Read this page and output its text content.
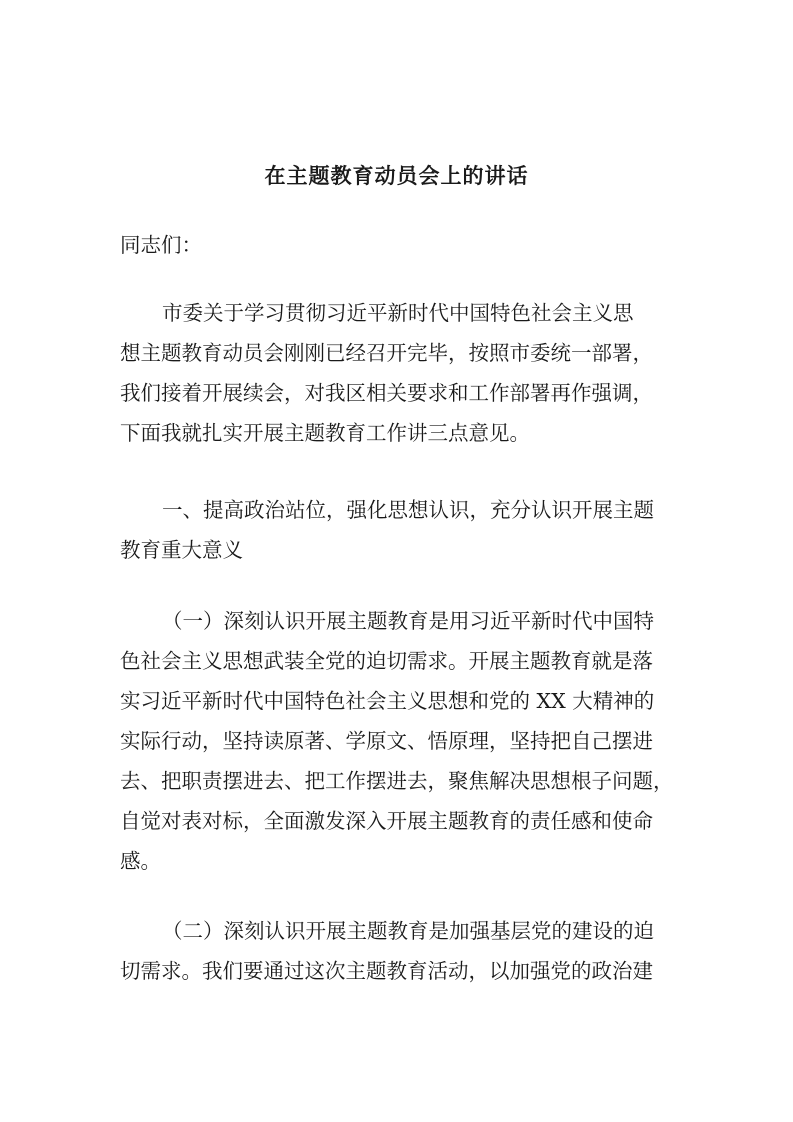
在主题教育动员会上的讲话
同志们：
市委关于学习贯彻习近平新时代中国特色社会主义思
想主题教育动员会刚刚已经召开完毕，按照市委统一部署，
我们接着开展续会，对我区相关要求和工作部署再作强调，
下面我就扎实开展主题教育工作讲三点意见。
一、提高政治站位，强化思想认识，充分认识开展主题
教育重大意义
（一）深刻认识开展主题教育是用习近平新时代中国特
色社会主义思想武装全党的迫切需求。开展主题教育就是落
实习近平新时代中国特色社会主义思想和党的 XX 大精神的
实际行动，坚持读原著、学原文、悟原理，坚持把自己摆进
去、把职责摆进去、把工作摆进去，聚焦解决思想根子问题，
自觉对表对标，全面激发深入开展主题教育的责任感和使命
感。
（二）深刻认识开展主题教育是加强基层党的建设的迫
切需求。我们要通过这次主题教育活动，以加强党的政治建
